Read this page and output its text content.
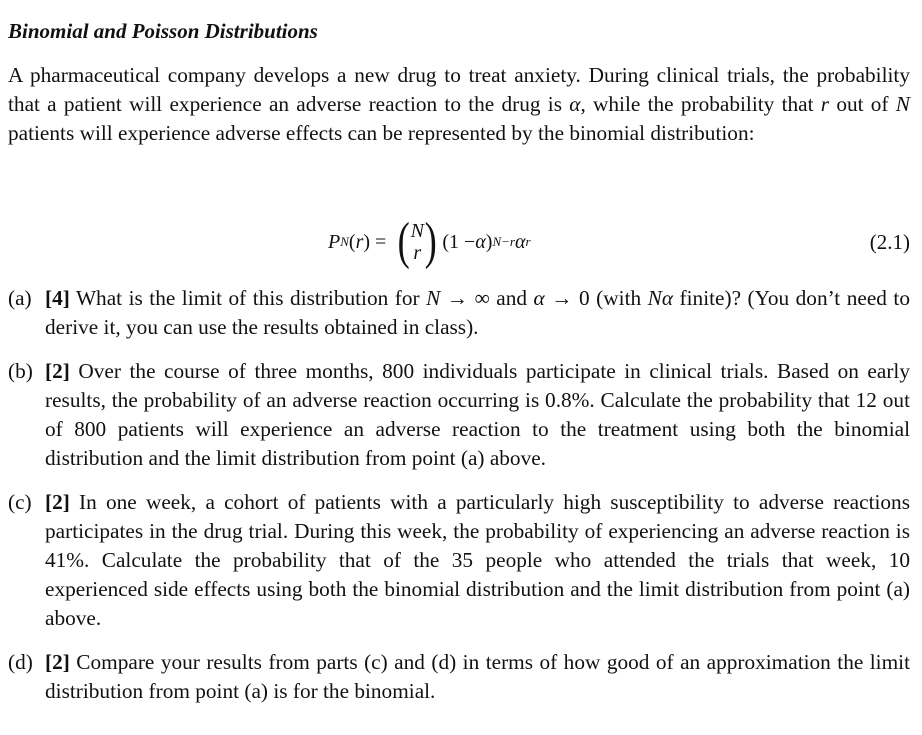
Binomial and Poisson Distributions

A pharmaceutical company develops a new drug to treat anxiety. During clinical trials, the probability that a patient will experience an adverse reaction to the drug is α, while the probability that r out of N patients will experience adverse effects can be represented by the binomial distribution:

P N ( r )
=
( N
r ) (1 − α ) N−r α r	(2.1)
(a) [4] What is the limit of this distribution for N → ∞ and α → 0 (with Nα finite)? (You don’t need to derive it, you can use the results obtained in class).
(b) [2] Over the course of three months, 800 individuals participate in clinical trials. Based on early results, the probability of an adverse reaction occurring is 0.8%. Calculate the probability that 12 out of 800 patients will experience an adverse reaction to the treatment using both the binomial distribution and the limit distribution from point (a) above.
(c) [2] In one week, a cohort of patients with a particularly high susceptibility to adverse reactions participates in the drug trial. During this week, the probability of experiencing an adverse reaction is 41%. Calculate the probability that of the 35 people who attended the trials that week, 10 experienced side effects using both the binomial distribution and the limit distribution from point (a) above.
(d) [2] Compare your results from parts (c) and (d) in terms of how good of an approximation the limit distribution from point (a) is for the binomial.
